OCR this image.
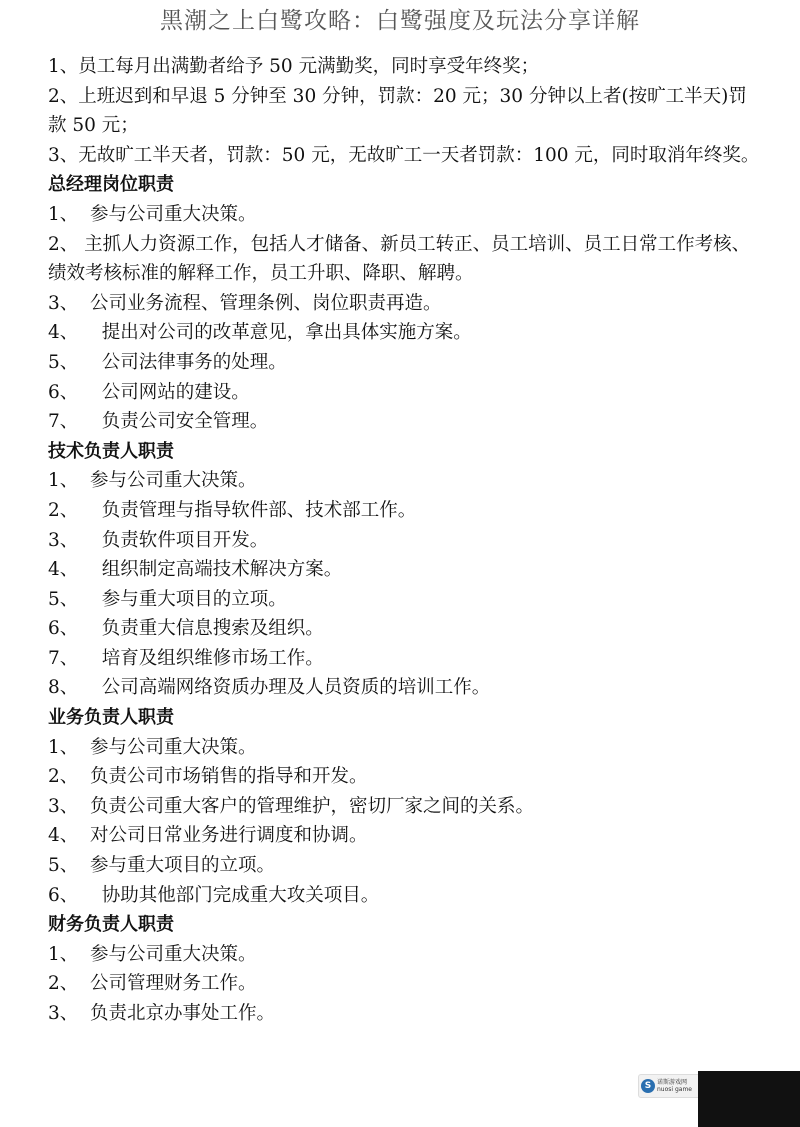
黑潮之上白鹭攻略：白鹭强度及玩法分享详解
1、员工每月出满勤者给予 50 元满勤奖，同时享受年终奖；
2、上班迟到和早退 5 分钟至 30 分钟，罚款：20 元；30 分钟以上者(按旷工半天)罚款 50 元；
3、无故旷工半天者，罚款：50 元，无故旷工一天者罚款：100 元，同时取消年终奖。
总经理岗位职责
1、  参与公司重大决策。
2、 主抓人力资源工作，包括人才储备、新员工转正、员工培训、员工日常工作考核、绩效考核标准的解释工作，员工升职、降职、解聘。
3、  公司业务流程、管理条例、岗位职责再造。
4、    提出对公司的改革意见，拿出具体实施方案。
5、    公司法律事务的处理。
6、    公司网站的建设。
7、    负责公司安全管理。
技术负责人职责
1、  参与公司重大决策。
2、    负责管理与指导软件部、技术部工作。
3、    负责软件项目开发。
4、    组织制定高端技术解决方案。
5、    参与重大项目的立项。
6、    负责重大信息搜索及组织。
7、    培育及组织维修市场工作。
8、    公司高端网络资质办理及人员资质的培训工作。
业务负责人职责
1、  参与公司重大决策。
2、  负责公司市场销售的指导和开发。
3、  负责公司重大客户的管理维护，密切厂家之间的关系。
4、  对公司日常业务进行调度和协调。
5、  参与重大项目的立项。
6、    协助其他部门完成重大攻关项目。
财务负责人职责
1、  参与公司重大决策。
2、  公司管理财务工作。
3、  负责北京办事处工作。
S 诺斯游戏网
nuosi game
